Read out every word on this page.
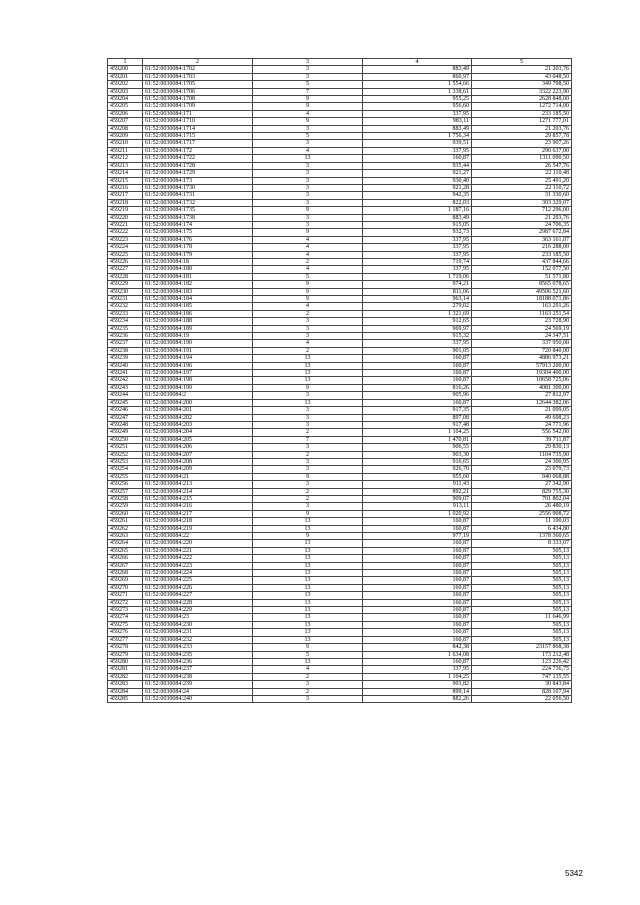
1	2	3	4	5
459200	61:52:0030084:1702	3	883,49	21 203,76
459201	61:52:0030084:1703	3	860,97	43 048,50
459202	61:52:0030084:1705	5	1 554,66	349 798,50
459203	61:52:0030084:1706	7	1 338,61	3322 223,90
459204	61:52:0030084:1708	9	955,25	2628 848,00
459205	61:52:0030084:1709	9	956,60	1272 714,00
459206	61:52:0030084:171	4	337,95	233 185,50
459207	61:52:0030084:1710	9	983,11	1271 777,01
459208	61:52:0030084:1714	3	883,49	21 203,76
459209	61:52:0030084:1715	5	1 756,34	29 857,78
459210	61:52:0030084:1717	3	939,51	23 907,26
459211	61:52:0030084:172	4	337,95	290 637,00
459212	61:52:0030084:1722	13	160,87	1311 090,50
459213	61:52:0030084:1728	3	935,44	26 547,76
459214	61:52:0030084:1729	3	921,27	22 110,48
459215	61:52:0030084:173	3	930,40	25 491,20
459216	61:52:0030084:1730	3	921,28	22 110,72
459217	61:52:0030084:1731	3	942,35	31 330,60
459218	61:52:0030084:1732	3	822,03	303 329,07
459219	61:52:0030084:1735	9	1 187,16	712 296,00
459220	61:52:0030084:1738	3	883,49	21 203,76
459221	61:52:0030084:174	3	915,05	24 706,35
459222	61:52:0030084:175	9	932,73	2987 672,84
459223	61:52:0030084:176	4	337,95	363 161,07
459224	61:52:0030084:178	4	337,95	216 288,00
459225	61:52:0030084:179	4	337,95	233 185,50
459226	61:52:0030084:18	2	719,74	437 844,66
459227	61:52:0030084:180	4	337,95	152 077,50
459228	61:52:0030084:181	5	1 719,06	51 571,80
459229	61:52:0030084:182	9	974,21	8565 078,65
459230	61:52:0030084:183	9	811,06	49506 521,60
459231	61:52:0030084:184	9	963,14	18188 071,86
459232	61:52:0030084:185	4	279,02	163 291,26
459233	61:52:0030084:186	2	1 321,69	1163 251,54
459234	61:52:0030084:188	3	912,65	23 728,90
459235	61:52:0030084:189	3	969,97	24 569,19
459236	61:52:0030084:19	3	915,32	24 347,51
459237	61:52:0030084:190	4	337,95	337 950,00
459238	61:52:0030084:191	2	901,05	720 840,00
459239	61:52:0030084:194	13	160,87	4886 973,21
459240	61:52:0030084:196	13	160,87	57913 200,00
459241	61:52:0030084:197	13	160,87	19304 400,00
459242	61:52:0030084:198	13	160,87	10658 725,06
459243	61:52:0030084:199	9	816,26	4081 300,00
459244	61:52:0030084:2	3	905,96	27 812,97
459245	61:52:0030084:200	13	160,87	12644 382,06
459246	61:52:0030084:201	3	917,35	21 099,05
459247	61:52:0030084:202	3	897,08	49 698,23
459248	61:52:0030084:203	3	917,48	24 771,96
459249	61:52:0030084:204	2	1 104,25	556 542,00
459250	61:52:0030084:205	7	1 470,81	39 711,87
459251	61:52:0030084:206	3	906,55	29 830,13
459252	61:52:0030084:207	2	903,30	1104 735,90
459253	61:52:0030084:208	3	916,65	24 300,95
459254	61:52:0030084:209	3	926,70	23 079,73
459255	61:52:0030084:21	9	955,60	940 068,88
459256	61:52:0030084:213	3	911,43	27 342,90
459257	61:52:0030084:214	2	892,21	829 755,30
459258	61:52:0030084:215	2	909,07	701 802,04
459259	61:52:0030084:216	3	913,11	26 480,19
459260	61:52:0030084:217	9	1 020,92	2556 908,72
459261	61:52:0030084:218	13	160,87	11 100,03
459262	61:52:0030084:219	13	160,87	6 434,80
459263	61:52:0030084:22	9	977,19	1378 360,65
459264	61:52:0030084:220	13	160,87	8 333,07
459265	61:52:0030084:221	13	160,87	505,13
459266	61:52:0030084:222	13	160,87	505,13
459267	61:52:0030084:223	13	160,87	505,13
459268	61:52:0030084:224	13	160,87	505,13
459269	61:52:0030084:225	13	160,87	505,13
459270	61:52:0030084:226	13	160,87	505,13
459271	61:52:0030084:227	13	160,87	505,13
459272	61:52:0030084:228	13	160,87	505,13
459273	61:52:0030084:229	13	160,87	505,13
459274	61:52:0030084:23	13	160,87	11 646,99
459275	61:52:0030084:230	13	160,87	505,13
459276	61:52:0030084:231	13	160,87	505,13
459277	61:52:0030084:232	13	160,87	505,13
459278	61:52:0030084:233	9	842,38	23157 868,38
459279	61:52:0030084:235	5	1 634,08	173 212,48
459280	61:52:0030084:236	13	160,87	123 226,42
459281	61:52:0030084:237	4	337,95	224 736,75
459282	61:52:0030084:238	2	1 104,25	747 135,55
459283	61:52:0030084:239	3	903,82	30 843,84
459284	61:52:0030084:24	2	899,14	828 107,94
459285	61:52:0030084:240	3	882,26	22 056,50
5342
